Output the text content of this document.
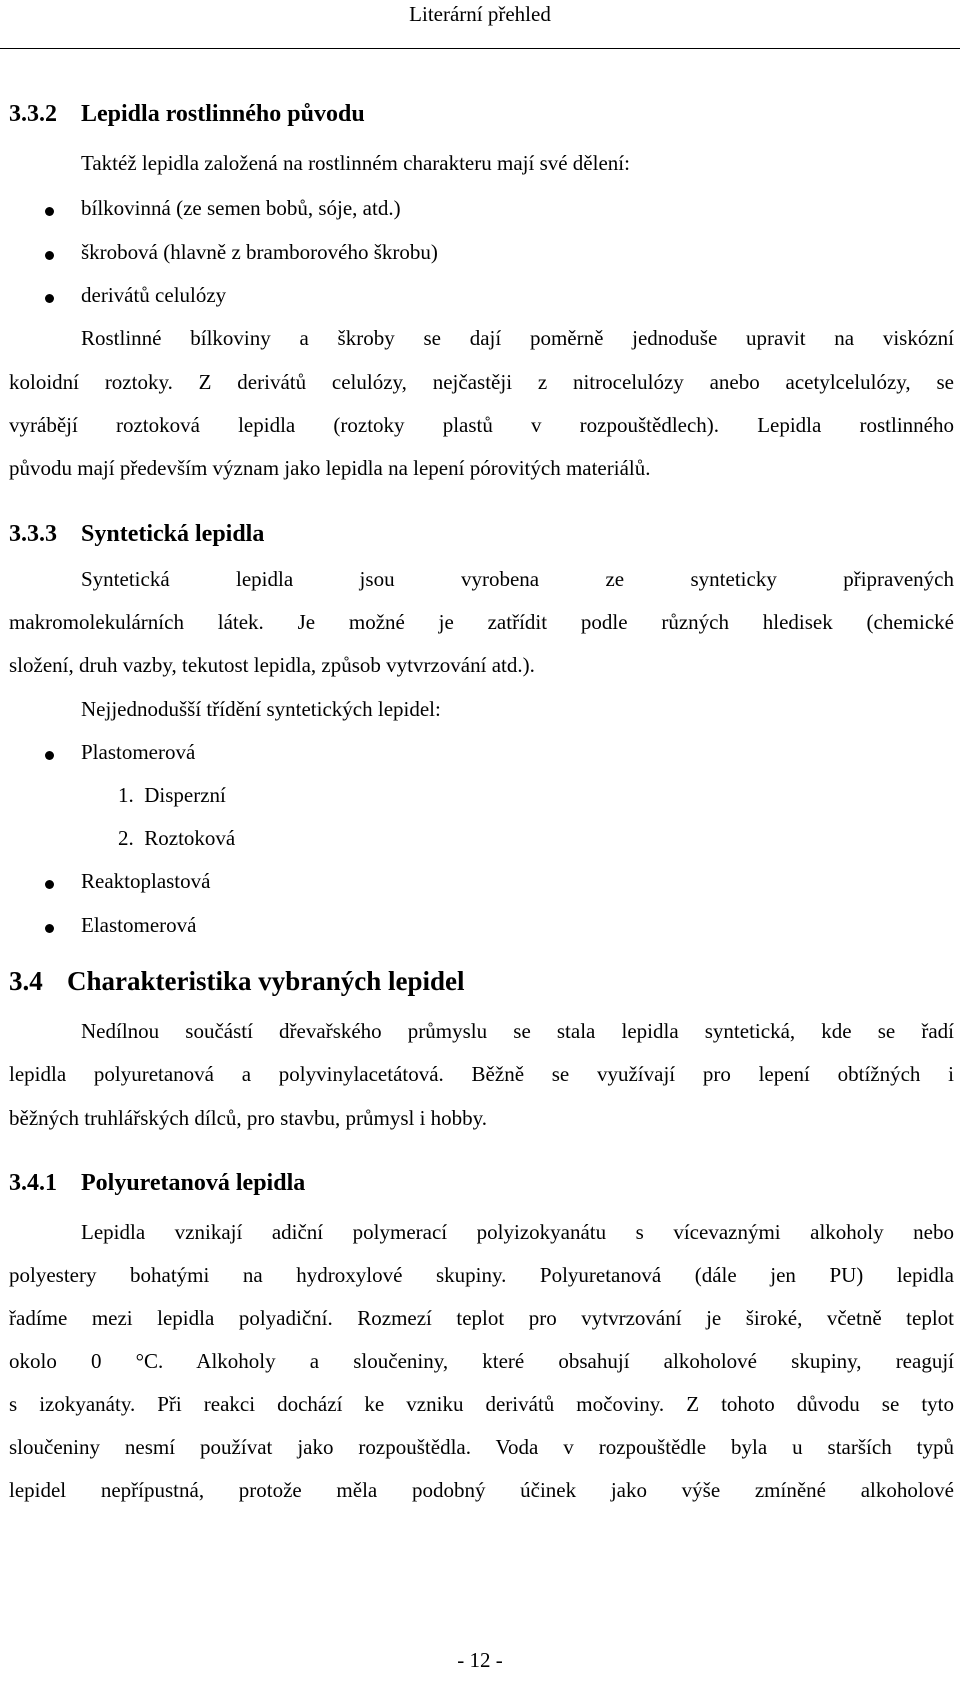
Literární přehled
3.3.2 Lepidla rostlinného původu
Taktéž lepidla založená na rostlinném charakteru mají své dělení:
bílkovinná (ze semen bobů, sóje, atd.)
škrobová (hlavně z bramborového škrobu)
derivátů celulózy
Rostlinné bílkoviny a škroby se dají poměrně jednoduše upravit na viskózní
koloidní roztoky. Z derivátů celulózy, nejčastěji z nitrocelulózy anebo acetylcelulózy, se
vyrábějí roztoková lepidla (roztoky plastů v rozpouštědlech). Lepidla rostlinného
původu mají především význam jako lepidla na lepení pórovitých materiálů.
3.3.3 Syntetická lepidla
Syntetická lepidla jsou vyrobena ze synteticky připravených
makromolekulárních látek. Je možné je zatřídit podle různých hledisek (chemické
složení, druh vazby, tekutost lepidla, způsob vytvrzování atd.).
Nejjednodušší třídění syntetických lepidel:
Plastomerová
1.  Disperzní
2.  Roztoková
Reaktoplastová
Elastomerová
3.4 Charakteristika vybraných lepidel
Nedílnou součástí dřevařského průmyslu se stala lepidla syntetická, kde se řadí
lepidla polyuretanová a polyvinylacetátová. Běžně se využívají pro lepení obtížných i
běžných truhlářských dílců, pro stavbu, průmysl i hobby.
3.4.1 Polyuretanová lepidla
Lepidla vznikají adiční polymerací polyizokyanátu s vícevaznými alkoholy nebo
polyestery bohatými na hydroxylové skupiny. Polyuretanová (dále jen PU) lepidla
řadíme mezi lepidla polyadiční. Rozmezí teplot pro vytvrzování je široké, včetně teplot
okolo 0 °C. Alkoholy a sloučeniny, které obsahují alkoholové skupiny, reagují
s izokyanáty. Při reakci dochází ke vzniku derivátů močoviny. Z tohoto důvodu se tyto
sloučeniny nesmí používat jako rozpouštědla. Voda v rozpouštědle byla u starších typů
lepidel nepřípustná, protože měla podobný účinek jako výše zmíněné alkoholové
- 12 -
